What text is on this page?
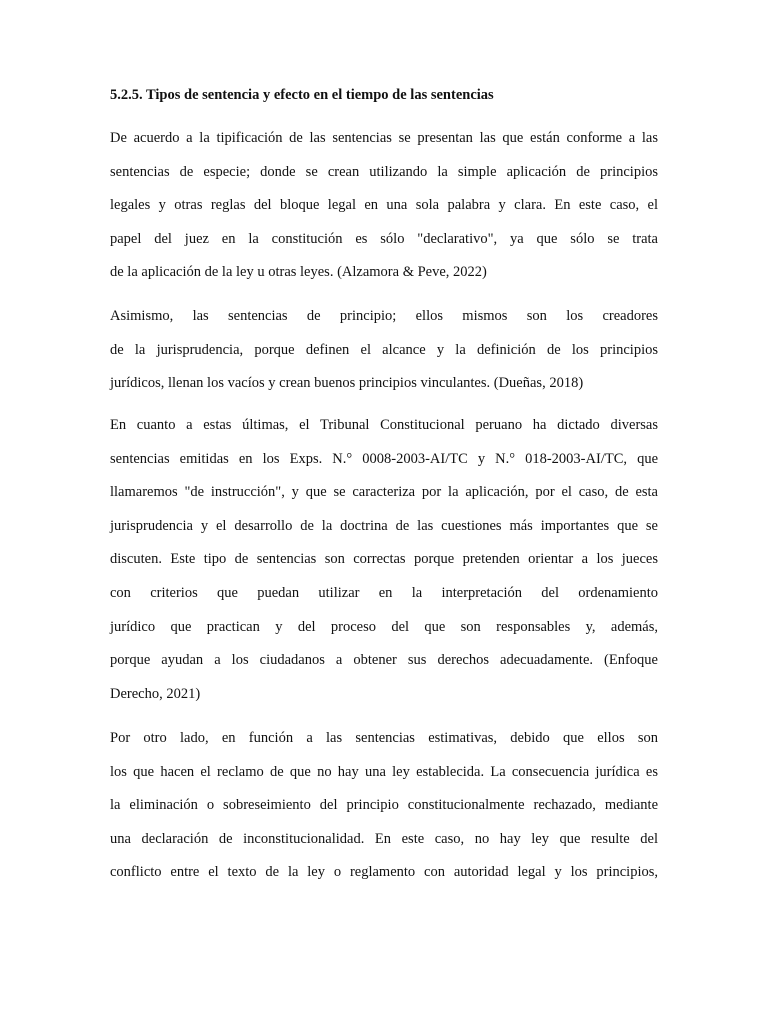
5.2.5. Tipos de sentencia y efecto en el tiempo de las sentencias
De acuerdo a la tipificación de las sentencias se presentan las que están conforme a las
sentencias de especie; donde se crean utilizando la simple aplicación de principios
legales y otras reglas del bloque legal en una sola palabra y clara. En este caso, el
papel del juez en la constitución es sólo "declarativo", ya que sólo se trata
de la aplicación de la ley u otras leyes. (Alzamora & Peve, 2022)
Asimismo, las sentencias de principio; ellos mismos son los creadores
de la jurisprudencia, porque definen el alcance y la definición de los principios
jurídicos, llenan los vacíos y crean buenos principios vinculantes. (Dueñas, 2018)
En cuanto a estas últimas, el Tribunal Constitucional peruano ha dictado diversas
sentencias emitidas en los Exps. N.° 0008-2003-AI/TC y N.° 018-2003-AI/TC, que
llamaremos "de instrucción", y que se caracteriza por la aplicación, por el caso, de esta
jurisprudencia y el desarrollo de la doctrina de las cuestiones más importantes que se
discuten. Este tipo de sentencias son correctas porque pretenden orientar a los jueces
con criterios que puedan utilizar en la interpretación del ordenamiento
jurídico que practican y del proceso del que son responsables y, además,
porque ayudan a los ciudadanos a obtener sus derechos adecuadamente. (Enfoque
Derecho, 2021)
Por otro lado, en función a las sentencias estimativas, debido que ellos son
los que hacen el reclamo de que no hay una ley establecida. La consecuencia jurídica es
la eliminación o sobreseimiento del principio constitucionalmente rechazado, mediante
una declaración de inconstitucionalidad. En este caso, no hay ley que resulte del
conflicto entre el texto de la ley o reglamento con autoridad legal y los principios,
